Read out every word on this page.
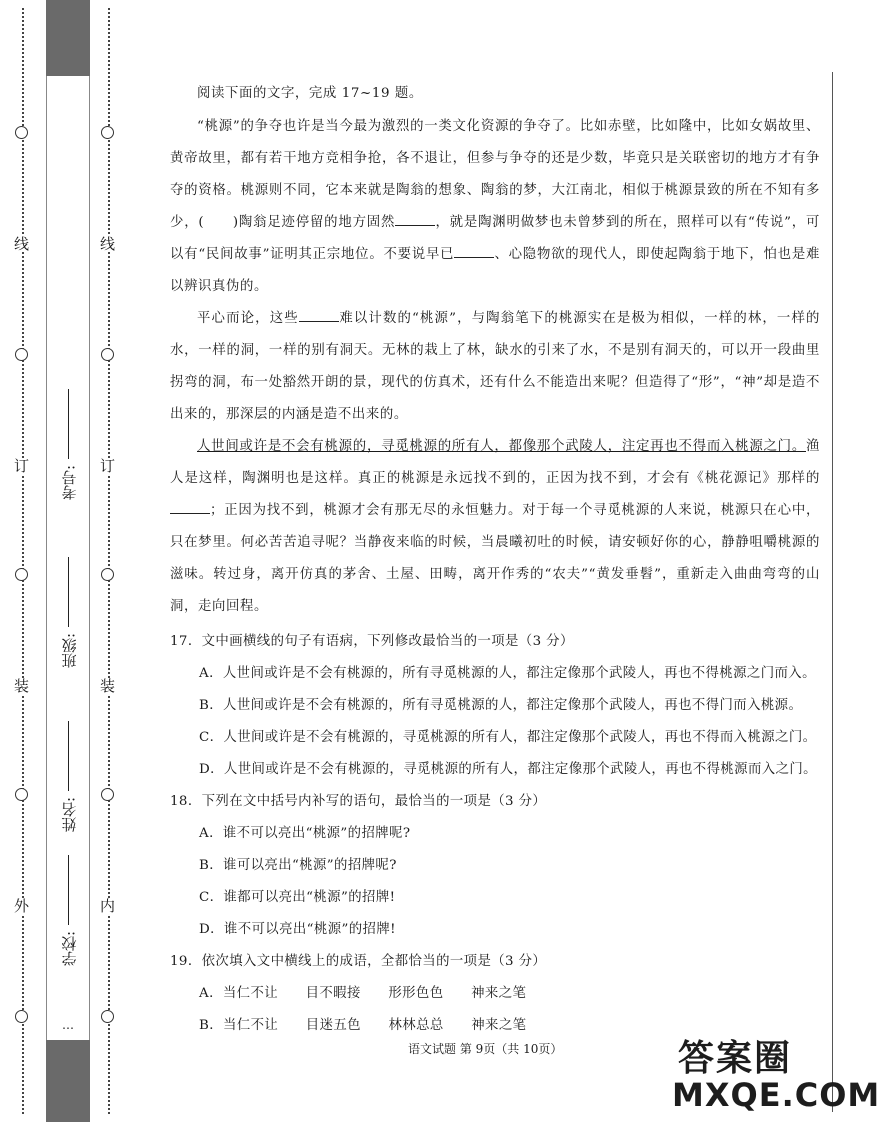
线
订
装
外
考号:
班级:
姓名:
学校:
…
线
订
装
内

阅读下面的文字，完成 17~19 题。

“桃源”的争夺也许是当今最为激烈的一类文化资源的争夺了。比如赤壁，比如隆中，比如女娲故里、黄帝故里，都有若干地方竞相争抢，各不退让，但参与争夺的还是少数，毕竟只是关联密切的地方才有争夺的资格。桃源则不同，它本来就是陶翁的想象、陶翁的梦，大江南北，相似于桃源景致的所在不知有多少，(　　 )陶翁足迹停留的地方固然	，就是陶渊明做梦也未曾梦到的所在，照样可以有“传说”，可以有“民间故事”证明其正宗地位。不要说早已	、心隐物欲的现代人，即使起陶翁于地下，怕也是难以辨识真伪的。

平心而论，这些	难以计数的“桃源”，与陶翁笔下的桃源实在是极为相似，一样的林，一样的水，一样的洞，一样的别有洞天。无林的栽上了林，缺水的引来了水，不是别有洞天的，可以开一段曲里拐弯的洞，布一处豁然开朗的景，现代的仿真术，还有什么不能造出来呢？但造得了“形”，“神”却是造不出来的，那深层的内涵是造不出来的。

人世间或许是不会有桃源的，寻觅桃源的所有人，都像那个武陵人，注定再也不得而入桃源之门。渔人是这样，陶渊明也是这样。真正的桃源是永远找不到的，正因为找不到，才会有《桃花源记》那样的；正因为找不到，桃源才会有那无尽的永恒魅力。对于每一个寻觅桃源的人来说，桃源只在心中，只在梦里。何必苦苦追寻呢？当静夜来临的时候，当晨曦初吐的时候，请安顿好你的心，静静咀嚼桃源的滋味。转过身，离开仿真的茅舍、土屋、田畴，离开作秀的“农夫”“黄发垂髫”，重新走入曲曲弯弯的山洞，走向回程。

17．文中画横线的句子有语病，下列修改最恰当的一项是（3 分）

A．人世间或许是不会有桃源的，所有寻觅桃源的人，都注定像那个武陵人，再也不得桃源之门而入。

B．人世间或许是不会有桃源的，所有寻觅桃源的人，都注定像那个武陵人，再也不得门而入桃源。

C．人世间或许是不会有桃源的，寻觅桃源的所有人，都注定像那个武陵人，再也不得而入桃源之门。

D．人世间或许是不会有桃源的，寻觅桃源的所有人，都注定像那个武陵人，再也不得桃源而入之门。

18．下列在文中括号内补写的语句，最恰当的一项是（3 分）

A．谁不可以亮出“桃源”的招牌呢?

B．谁可以亮出“桃源”的招牌呢?

C．谁都可以亮出“桃源”的招牌!

D．谁不可以亮出“桃源”的招牌!

19．依次填入文中横线上的成语，全都恰当的一项是（3 分）

A．当仁不让　　目不暇接　　形形色色　　神来之笔

B．当仁不让　　目迷五色　　林林总总　　神来之笔

语文试题 第 9页（共 10页）	答案圈
MXQE.COM
